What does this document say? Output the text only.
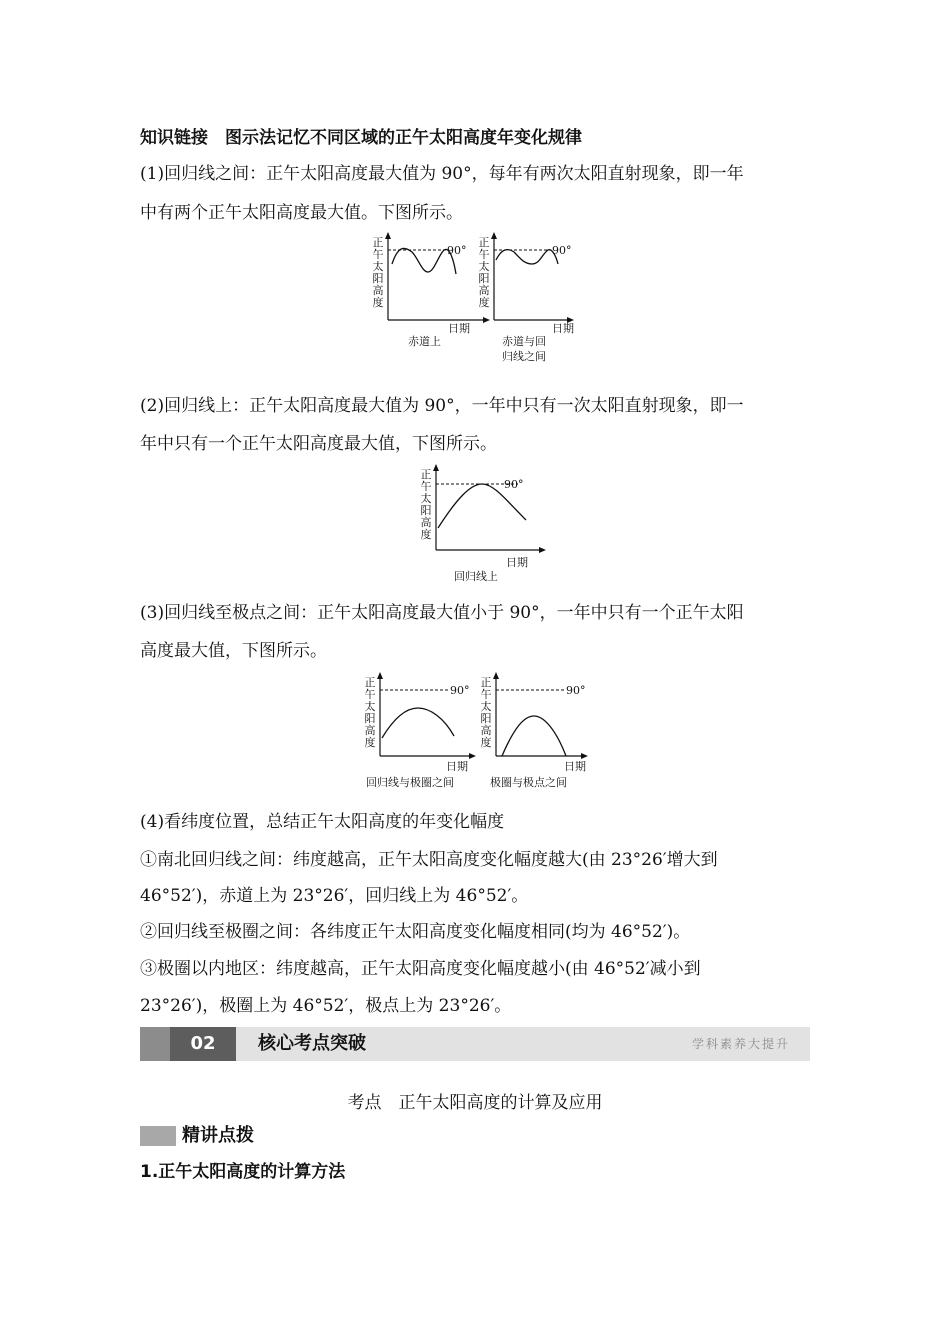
知识链接　图示法记忆不同区域的正午太阳高度年变化规律
(1)回归线之间：正午太阳高度最大值为 90°，每年有两次太阳直射现象，即一年
中有两个正午太阳高度最大值。下图所示。
正
午
太
阳
高
度
90°
日期
赤道上
正
午
太
阳
高
度
90°
日期
赤道与回
归线之间
(2)回归线上：正午太阳高度最大值为 90°，一年中只有一次太阳直射现象，即一
年中只有一个正午太阳高度最大值，下图所示。
正
午
太
阳
高
度
90°
日期
回归线上
(3)回归线至极点之间：正午太阳高度最大值小于 90°，一年中只有一个正午太阳
高度最大值，下图所示。
正
午
太
阳
高
度
90°
日期
回归线与极圈之间
正
午
太
阳
高
度
90°
日期
极圈与极点之间
(4)看纬度位置，总结正午太阳高度的年变化幅度
①南北回归线之间：纬度越高，正午太阳高度变化幅度越大(由 23°26′增大到
46°52′)，赤道上为 23°26′，回归线上为 46°52′。
②回归线至极圈之间：各纬度正午太阳高度变化幅度相同(均为 46°52′)。
③极圈以内地区：纬度越高，正午太阳高度变化幅度越小(由 46°52′减小到
23°26′)，极圈上为 46°52′，极点上为 23°26′。
02	核心考点突破	学科素养大提升
考点　正午太阳高度的计算及应用
精讲点拨
1.正午太阳高度的计算方法
